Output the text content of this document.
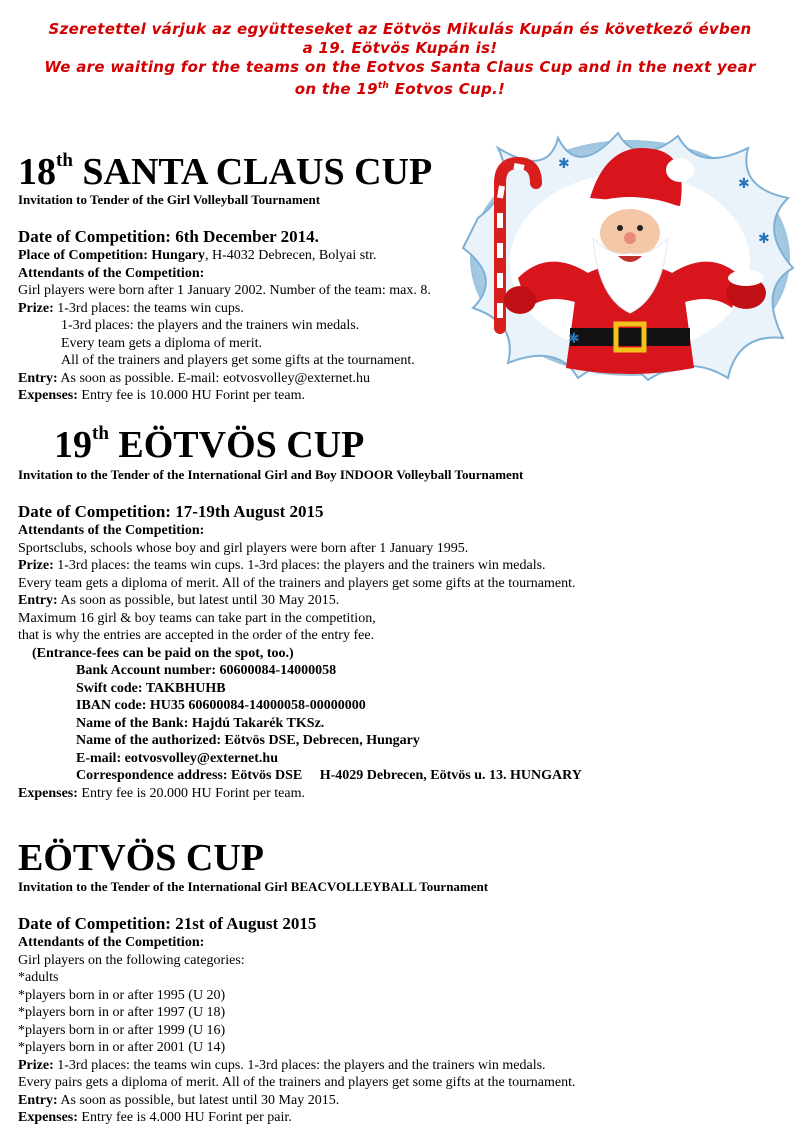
Szeretettel várjuk az együtteseket az Eötvös Mikulás Kupán és következő évben
a 19. Eötvös Kupán is!
We are waiting for the teams on the Eotvos Santa Claus Cup and in the next year
on the 19th Eotvos Cup.!
✱
✱
✱
✱
18th SANTA CLAUS CUP
Invitation to Tender of the Girl Volleyball Tournament
Date of Competition: 6th December 2014.
Place of Competition: Hungary, H-4032 Debrecen, Bolyai str.
Attendants of the Competition:
Girl players were born after 1 January 2002. Number of the team: max. 8.
Prize: 1-3rd places: the teams win cups.
1-3rd places: the players and the trainers win medals.
Every team gets a diploma of merit.
All of the trainers and players get some gifts at the tournament.
Entry: As soon as possible. E-mail: eotvosvolley@externet.hu
Expenses: Entry fee is 10.000 HU Forint per team.
19th EÖTVÖS CUP
Invitation to the Tender of the International Girl and Boy INDOOR Volleyball Tournament
Date of Competition: 17-19th August 2015
Attendants of the Competition:
Sportsclubs, schools whose boy and girl players were born after 1 January 1995.
Prize: 1-3rd places: the teams win cups. 1-3rd places: the players and the trainers win medals.
Every team gets a diploma of merit. All of the trainers and players get some gifts at the tournament.
Entry: As soon as possible, but latest until 30 May 2015.
Maximum 16 girl & boy teams can take part in the competition,
that is why the entries are accepted in the order of the entry fee.
(Entrance-fees can be paid on the spot, too.)
Bank Account number: 60600084-14000058
Swift code: TAKBHUHB
IBAN code: HU35 60600084-14000058-00000000
Name of the Bank: Hajdú Takarék TKSz.
Name of the authorized: Eötvös DSE, Debrecen, Hungary
E-mail: eotvosvolley@externet.hu
Correspondence address: Eötvös DSE     H-4029 Debrecen, Eötvös u. 13. HUNGARY
Expenses: Entry fee is 20.000 HU Forint per team.
EÖTVÖS CUP
Invitation to the Tender of the International Girl BEACVOLLEYBALL Tournament
Date of Competition: 21st of August 2015
Attendants of the Competition:
Girl players on the following categories:
*adults
*players born in or after 1995 (U 20)
*players born in or after 1997 (U 18)
*players born in or after 1999 (U 16)
*players born in or after 2001 (U 14)
Prize: 1-3rd places: the teams win cups. 1-3rd places: the players and the trainers win medals.
Every pairs gets a diploma of merit. All of the trainers and players get some gifts at the tournament.
Entry: As soon as possible, but latest until 30 May 2015.
Expenses: Entry fee is 4.000 HU Forint per pair.
